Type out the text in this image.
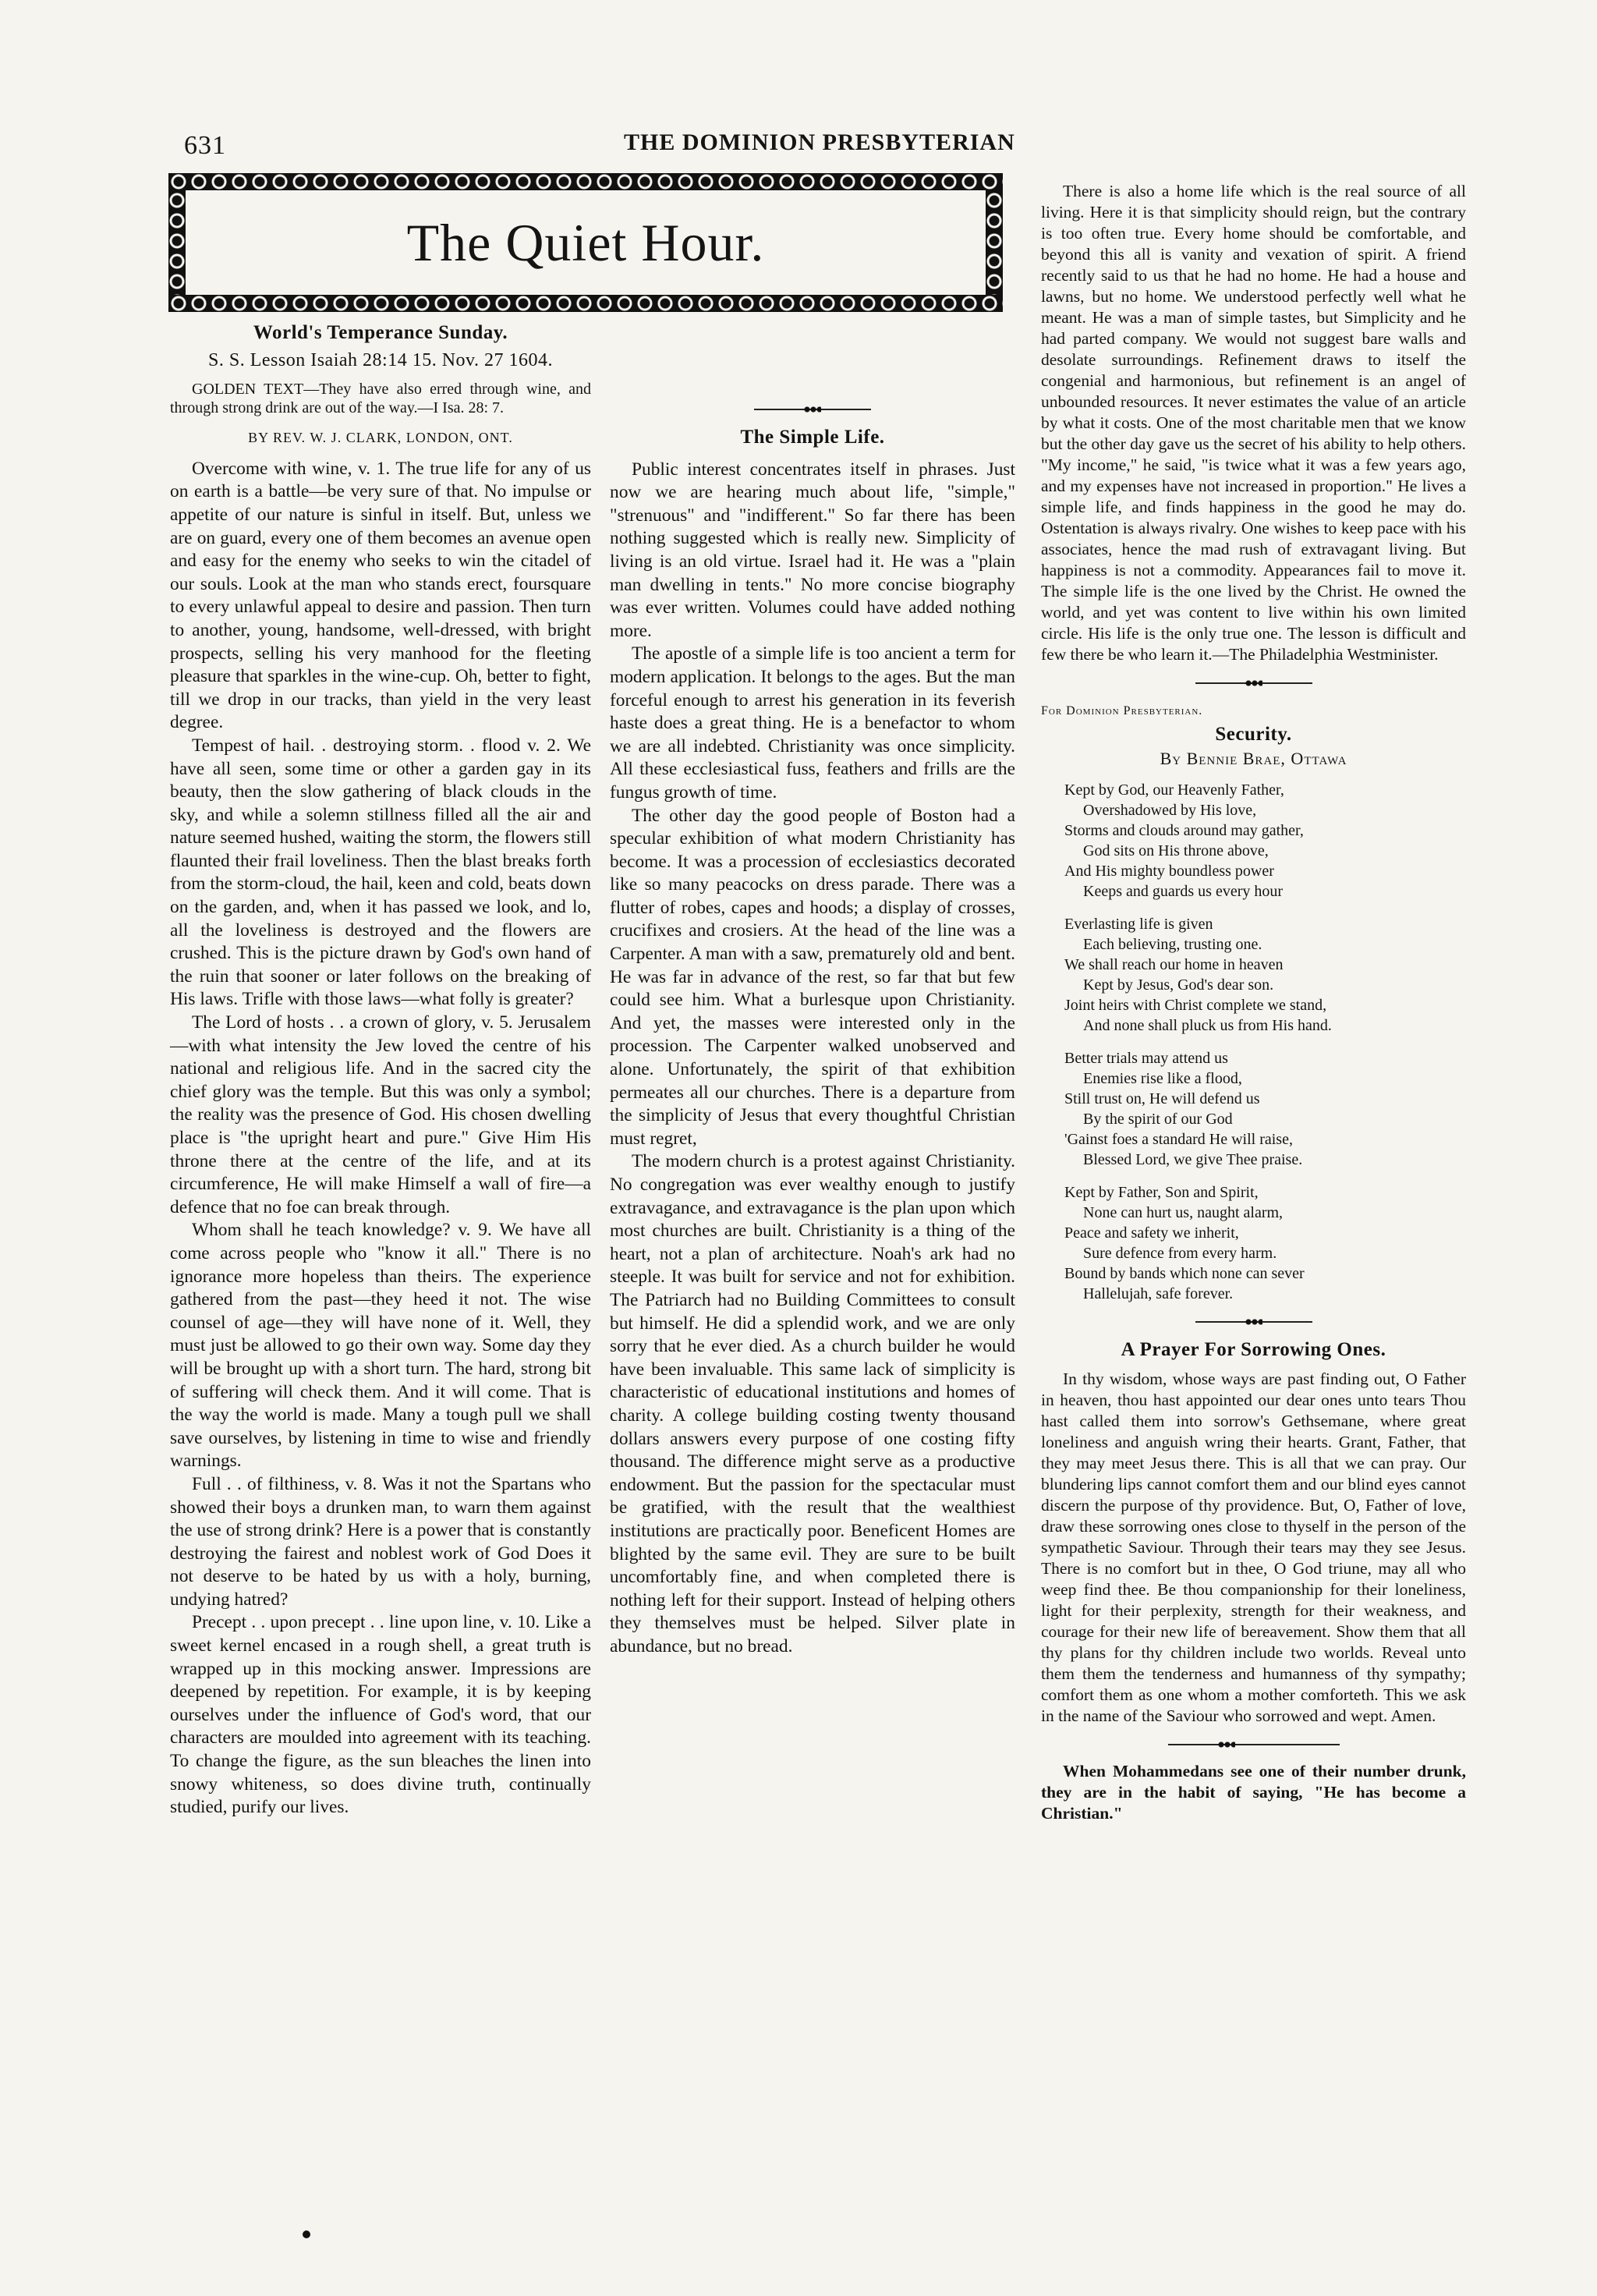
631	THE DOMINION PRESBYTERIAN
The Quiet Hour.
World's Temperance Sunday.
S. S. Lesson Isaiah 28:14 15. Nov. 27 1604.

GOLDEN TEXT—They have also erred through wine, and through strong drink are out of the way.—I Isa. 28: 7.

BY REV. W. J. CLARK, LONDON, ONT.

Overcome with wine, v. 1. The true life for any of us on earth is a battle—be very sure of that. No impulse or appetite of our nature is sinful in itself. But, unless we are on guard, every one of them becomes an avenue open and easy for the enemy who seeks to win the citadel of our souls. Look at the man who stands erect, foursquare to every unlawful appeal to desire and passion. Then turn to another, young, handsome, well-dressed, with bright prospects, selling his very manhood for the fleeting pleasure that sparkles in the wine-cup. Oh, better to fight, till we drop in our tracks, than yield in the very least degree.

Tempest of hail. . destroying storm. . flood v. 2. We have all seen, some time or other a garden gay in its beauty, then the slow gathering of black clouds in the sky, and while a solemn stillness filled all the air and nature seemed hushed, waiting the storm, the flowers still flaunted their frail loveliness. Then the blast breaks forth from the storm-cloud, the hail, keen and cold, beats down on the garden, and, when it has passed we look, and lo, all the loveliness is destroyed and the flowers are crushed. This is the picture drawn by God's own hand of the ruin that sooner or later follows on the breaking of His laws. Trifle with those laws—what folly is greater?

The Lord of hosts . . a crown of glory, v. 5. Jerusalem—with what intensity the Jew loved the centre of his national and religious life. And in the sacred city the chief glory was the temple. But this was only a symbol; the reality was the presence of God. His chosen dwelling place is "the upright heart and pure." Give Him His throne there at the centre of the life, and at its circumference, He will make Himself a wall of fire—a defence that no foe can break through.

Whom shall he teach knowledge? v. 9. We have all come across people who "know it all." There is no ignorance more hopeless than theirs. The experience gathered from the past—they heed it not. The wise counsel of age—they will have none of it. Well, they must just be allowed to go their own way. Some day they will be brought up with a short turn. The hard, strong bit of suffering will check them. And it will come. That is the way the world is made. Many a tough pull we shall save ourselves, by listening in time to wise and friendly warnings.

Full . . of filthiness, v. 8. Was it not the Spartans who showed their boys a drunken man, to warn them against the use of strong drink? Here is a power that is constantly destroying the fairest and noblest work of God Does it not deserve to be hated by us with a holy, burning, undying hatred?

Precept . . upon precept . . line upon line, v. 10. Like a sweet kernel encased in a rough shell, a great truth is wrapped up in this mocking answer. Impressions are deepened by repetition. For example, it is by keeping ourselves under the influence of God's word, that our characters are moulded into agreement with its teaching. To change the figure, as the sun bleaches the linen into snowy whiteness, so does divine truth, continually studied, purify our lives.

The Simple Life.

Public interest concentrates itself in phrases. Just now we are hearing much about life, "simple," "strenuous" and "indifferent." So far there has been nothing suggested which is really new. Simplicity of living is an old virtue. Israel had it. He was a "plain man dwelling in tents." No more concise biography was ever written. Volumes could have added nothing more.

The apostle of a simple life is too ancient a term for modern application. It belongs to the ages. But the man forceful enough to arrest his generation in its feverish haste does a great thing. He is a benefactor to whom we are all indebted. Christianity was once simplicity. All these ecclesiastical fuss, feathers and frills are the fungus growth of time.

The other day the good people of Boston had a specular exhibition of what modern Christianity has become. It was a procession of ecclesiastics decorated like so many peacocks on dress parade. There was a flutter of robes, capes and hoods; a display of crosses, crucifixes and crosiers. At the head of the line was a Carpenter. A man with a saw, prematurely old and bent. He was far in advance of the rest, so far that but few could see him. What a burlesque upon Christianity. And yet, the masses were interested only in the procession. The Carpenter walked unobserved and alone. Unfortunately, the spirit of that exhibition permeates all our churches. There is a departure from the simplicity of Jesus that every thoughtful Christian must regret,

The modern church is a protest against Christianity. No congregation was ever wealthy enough to justify extravagance, and extravagance is the plan upon which most churches are built. Christianity is a thing of the heart, not a plan of architecture. Noah's ark had no steeple. It was built for service and not for exhibition. The Patriarch had no Building Committees to consult but himself. He did a splendid work, and we are only sorry that he ever died. As a church builder he would have been invaluable. This same lack of simplicity is characteristic of educational institutions and homes of charity. A college building costing twenty thousand dollars answers every purpose of one costing fifty thousand. The difference might serve as a productive endowment. But the passion for the spectacular must be gratified, with the result that the wealthiest institutions are practically poor. Beneficent Homes are blighted by the same evil. They are sure to be built uncomfortably fine, and when completed there is nothing left for their support. Instead of helping others they themselves must be helped. Silver plate in abundance, but no bread.

There is also a home life which is the real source of all living. Here it is that simplicity should reign, but the contrary is too often true. Every home should be comfortable, and beyond this all is vanity and vexation of spirit. A friend recently said to us that he had no home. He had a house and lawns, but no home. We understood perfectly well what he meant. He was a man of simple tastes, but Simplicity and he had parted company. We would not suggest bare walls and desolate surroundings. Refinement draws to itself the congenial and harmonious, but refinement is an angel of unbounded resources. It never estimates the value of an article by what it costs. One of the most charitable men that we know but the other day gave us the secret of his ability to help others. "My income," he said, "is twice what it was a few years ago, and my expenses have not increased in proportion." He lives a simple life, and finds happiness in the good he may do. Ostentation is always rivalry. One wishes to keep pace with his associates, hence the mad rush of extravagant living. But happiness is not a commodity. Appearances fail to move it. The simple life is the one lived by the Christ. He owned the world, and yet was content to live within his own limited circle. His life is the only true one. The lesson is difficult and few there be who learn it.—The Philadelphia Westminister.

For Dominion Presbyterian.
Security.
By Bennie Brae, Ottawa
Kept by God, our Heavenly Father,
Overshadowed by His love,
Storms and clouds around may gather,
God sits on His throne above,
And His mighty boundless power
Keeps and guards us every hour
Everlasting life is given
Each believing, trusting one.
We shall reach our home in heaven
Kept by Jesus, God's dear son.
Joint heirs with Christ complete we stand,
And none shall pluck us from His hand.
Better trials may attend us
Enemies rise like a flood,
Still trust on, He will defend us
By the spirit of our God
'Gainst foes a standard He will raise,
Blessed Lord, we give Thee praise.
Kept by Father, Son and Spirit,
None can hurt us, naught alarm,
Peace and safety we inherit,
Sure defence from every harm.
Bound by bands which none can sever
Hallelujah, safe forever.
A Prayer For Sorrowing Ones.

In thy wisdom, whose ways are past finding out, O Father in heaven, thou hast appointed our dear ones unto tears Thou hast called them into sorrow's Gethsemane, where great loneliness and anguish wring their hearts. Grant, Father, that they may meet Jesus there. This is all that we can pray. Our blundering lips cannot comfort them and our blind eyes cannot discern the purpose of thy providence. But, O, Father of love, draw these sorrowing ones close to thyself in the person of the sympathetic Saviour. Through their tears may they see Jesus. There is no comfort but in thee, O God triune, may all who weep find thee. Be thou companionship for their loneliness, light for their perplexity, strength for their weakness, and courage for their new life of bereavement. Show them that all thy plans for thy children include two worlds. Reveal unto them them the tenderness and humanness of thy sympathy; comfort them as one whom a mother comforteth. This we ask in the name of the Saviour who sorrowed and wept. Amen.

When Mohammedans see one of their number drunk, they are in the habit of saying, "He has become a Christian."
